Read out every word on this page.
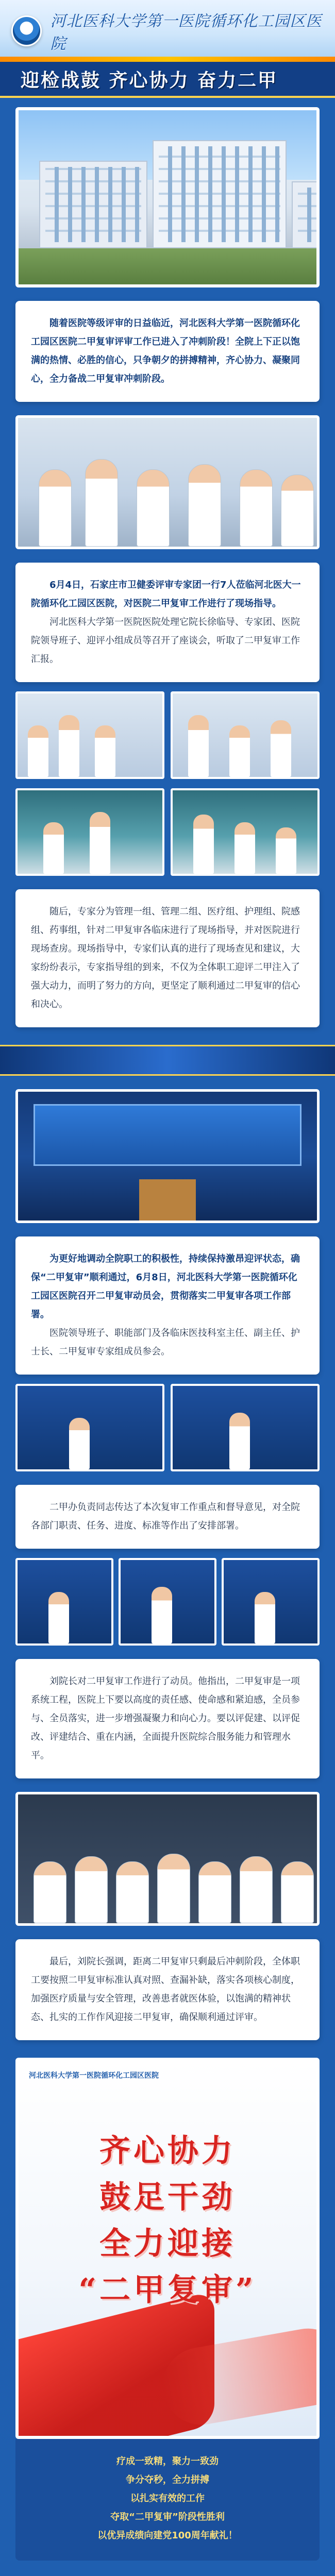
河北医科大学第一医院循环化工园区医院
迎检战鼓 齐心协力 奋力二甲

随着医院等级评审的日益临近，河北医科大学第一医院循环化工园区医院二甲复审评审工作已进入了冲刺阶段！全院上下正以饱满的热情、必胜的信心，只争朝夕的拼搏精神，齐心协力、凝聚同心，全力备战二甲复审冲刺阶段。

6月4日，石家庄市卫健委评审专家团一行7人莅临河北医大一院循环化工园区医院，对医院二甲复审工作进行了现场指导。

河北医科大学第一医院医院处理它院长徐临导、专家团、医院院领导班子、迎评小组成员等召开了座谈会，听取了二甲复审工作汇报。

随后，专家分为管理一组、管理二组、医疗组、护理组、院感组、药事组，针对二甲复审各临床进行了现场指导，并对医院进行现场查房。现场指导中，专家们认真的进行了现场查见和建议，大家纷纷表示，专家指导组的到来，不仅为全体职工迎评二甲注入了强大动力，而明了努力的方向，更坚定了顺利通过二甲复审的信心和决心。

为更好地调动全院职工的积极性，持续保持激昂迎评状态，确保“二甲复审”顺利通过，6月8日，河北医科大学第一医院循环化工园区医院召开二甲复审动员会，贯彻落实二甲复审各项工作部署。

医院领导班子、职能部门及各临床医技科室主任、副主任、护士长、二甲复审专家组成员参会。

二甲办负责同志传达了本次复审工作重点和督导意见，对全院各部门职责、任务、进度、标准等作出了安排部署。

刘院长对二甲复审工作进行了动员。他指出，二甲复审是一项系统工程，医院上下要以高度的责任感、使命感和紧迫感，全员参与、全员落实，进一步增强凝聚力和向心力。要以评促建、以评促改、评建结合、重在内涵，全面提升医院综合服务能力和管理水平。

最后，刘院长强调，距离二甲复审只剩最后冲刺阶段，全体职工要按照二甲复审标准认真对照、查漏补缺，落实各项核心制度，加强医疗质量与安全管理，改善患者就医体验，以饱满的精神状态、扎实的工作作风迎接二甲复审，确保顺利通过评审。

河北医科大学第一医院循环化工园区医院
齐心协力
鼓足干劲
全力迎接
“二甲复审”

疗成一致精，聚力一致劲

争分夺秒，全力拼搏

以扎实有效的工作

夺取“二甲复审”阶段性胜利

以优异成绩向建党100周年献礼！
